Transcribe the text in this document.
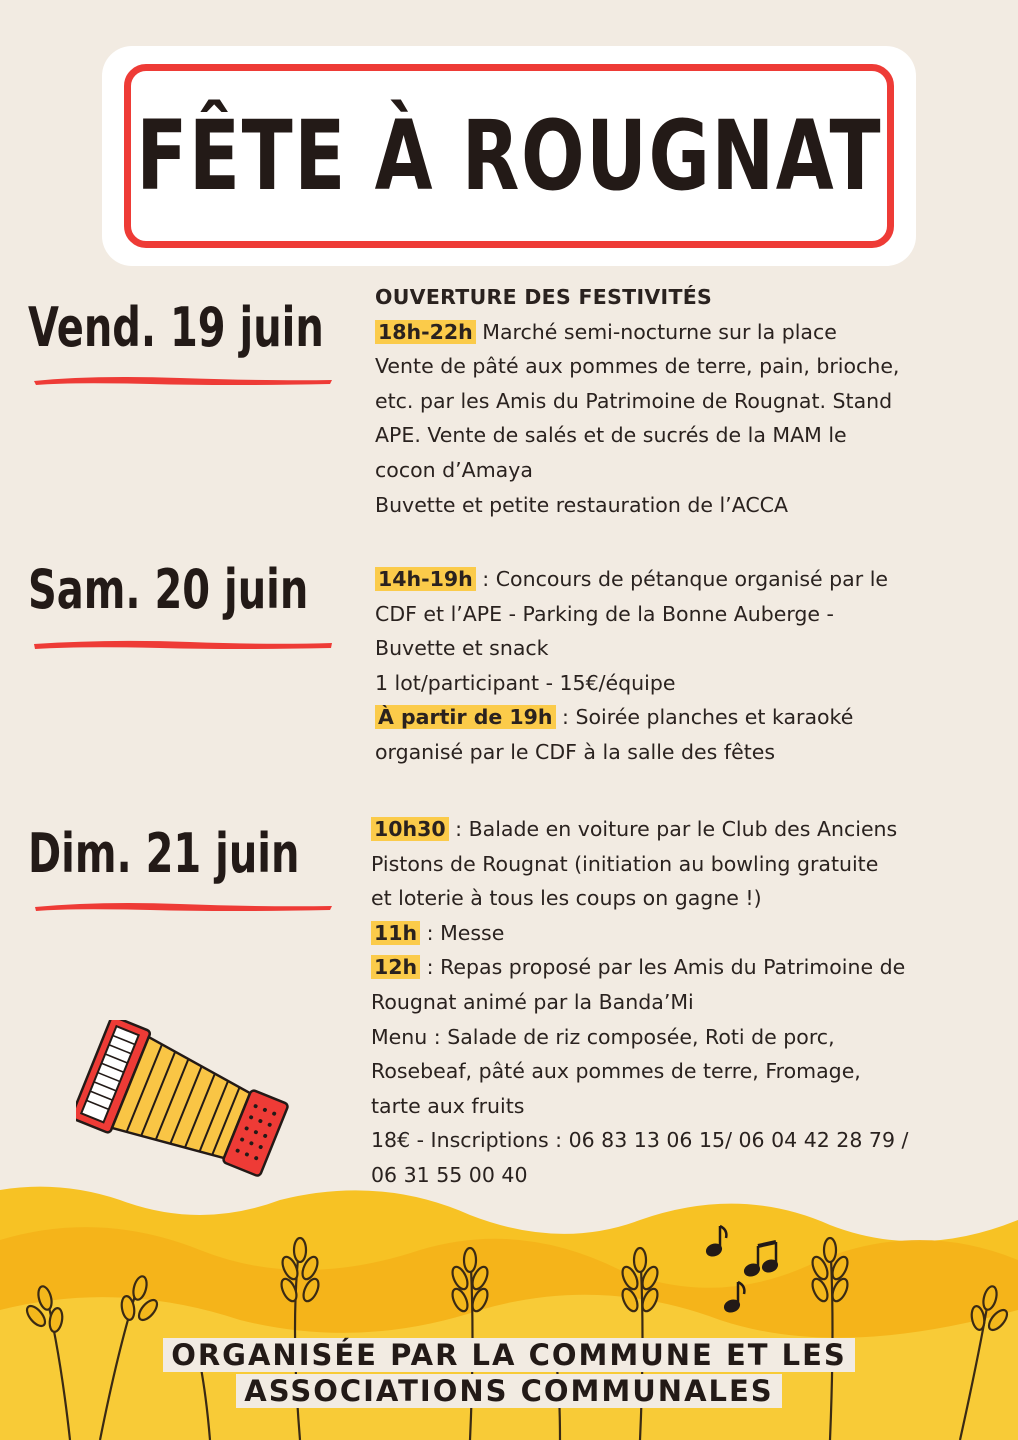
FÊTE À ROUGNAT
Vend. 19 juin OUVERTURE DES FESTIVITÉS

18h-22h Marché semi-nocturne sur la place

Vente de pâté aux pommes de terre, pain, brioche,

etc. par les Amis du Patrimoine de Rougnat. Stand

APE. Vente de salés et de sucrés de la MAM le

cocon d’Amaya

Buvette et petite restauration de l’ACCA

Sam. 20 juin	14h-19h : Concours de pétanque organisé par le

CDF et l’APE - Parking de la Bonne Auberge -

Buvette et snack

1 lot/participant - 15€/équipe

À partir de 19h : Soirée planches et karaoké

organisé par le CDF à la salle des fêtes

Dim. 21 juin	10h30 : Balade en voiture par le Club des Anciens

Pistons de Rougnat (initiation au bowling gratuite

et loterie à tous les coups on gagne !)

11h : Messe

12h : Repas proposé par les Amis du Patrimoine de

Rougnat animé par la Banda’Mi

Menu : Salade de riz composée, Roti de porc,

Rosebeaf, pâté aux pommes de terre, Fromage,

tarte aux fruits

18€ - Inscriptions : 06 83 13 06 15/ 06 04 42 28 79 /

06 31 55 00 40

ORGANISÉE PAR LA COMMUNE ET LES
ASSOCIATIONS COMMUNALES
